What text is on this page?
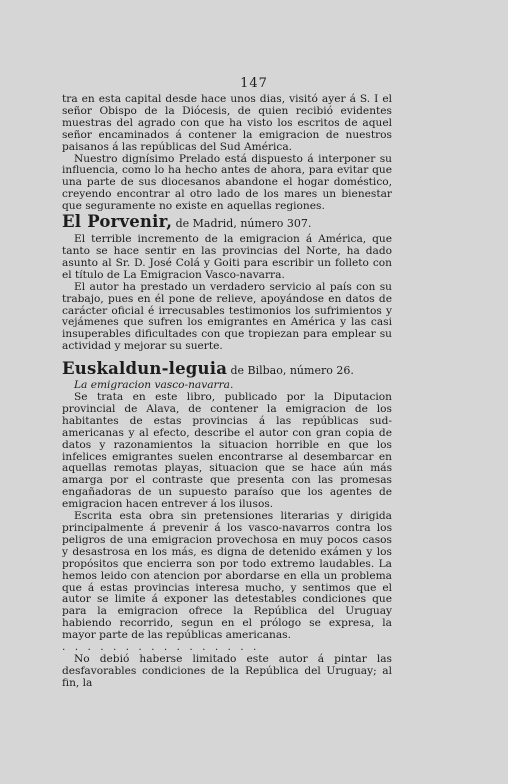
147

tra en esta capital desde hace unos dias, visitó ayer á S. I el señor Obispo de la Diócesis, de quien recibió evidentes muestras del agrado con que ha visto los escritos de aquel señor encaminados á contener la emigracion de nuestros paisanos á las repúblicas del Sud América.

Nuestro dignísimo Prelado está dispuesto á interponer su influencia, como lo ha hecho antes de ahora, para evitar que una parte de sus diocesanos abandone el hogar doméstico, creyendo encontrar al otro lado de los mares un bienestar que seguramente no existe en aquellas regiones.

El Porvenir, de Madrid, número 307.

El terrible incremento de la emigracion á América, que tanto se hace sentir en las provincias del Norte, ha dado asunto al Sr. D. José Colá y Goiti para escribir un folleto con el título de La Emigracion Vasco-navarra.

El autor ha prestado un verdadero servicio al país con su trabajo, pues en él pone de relieve, apoyándose en datos de carácter oficial é irrecusables testimonios los sufrimientos y vejámenes que sufren los emigrantes en América y las casi insuperables dificultades con que tropiezan para emplear su actividad y mejorar su suerte.

Euskaldun-leguia de Bilbao, número 26.

La emigracion vasco-navarra.

Se trata en este libro, publicado por la Diputacion provincial de Alava, de contener la emigracion de los habitantes de estas provincias á las repúblicas sud-americanas y al efecto, describe el autor con gran copia de datos y razonamientos la situacion horrible en que los infelices emigrantes suelen encontrarse al desembarcar en aquellas remotas playas, situacion que se hace aún más amarga por el contraste que presenta con las promesas engañadoras de un supuesto paraíso que los agentes de emigracion hacen entrever á los ilusos.

Escrita esta obra sin pretensiones literarias y dirigida principalmente á prevenir á los vasco-navarros contra los peligros de una emigracion provechosa en muy pocos casos y desastrosa en los más, es digna de detenido exámen y los propósitos que encierra son por todo extremo laudables. La hemos leido con atencion por abordarse en ella un problema que á estas provincias interesa mucho, y sentimos que el autor se limite á exponer las detestables condiciones que para la emigracion ofrece la República del Uruguay habiendo recorrido, segun en el prólogo se expresa, la mayor parte de las repúblicas americanas.

. . . . . . . . . . . . . . . .

No debió haberse limitado este autor á pintar las desfavorables condiciones de la República del Uruguay; al fin, la
